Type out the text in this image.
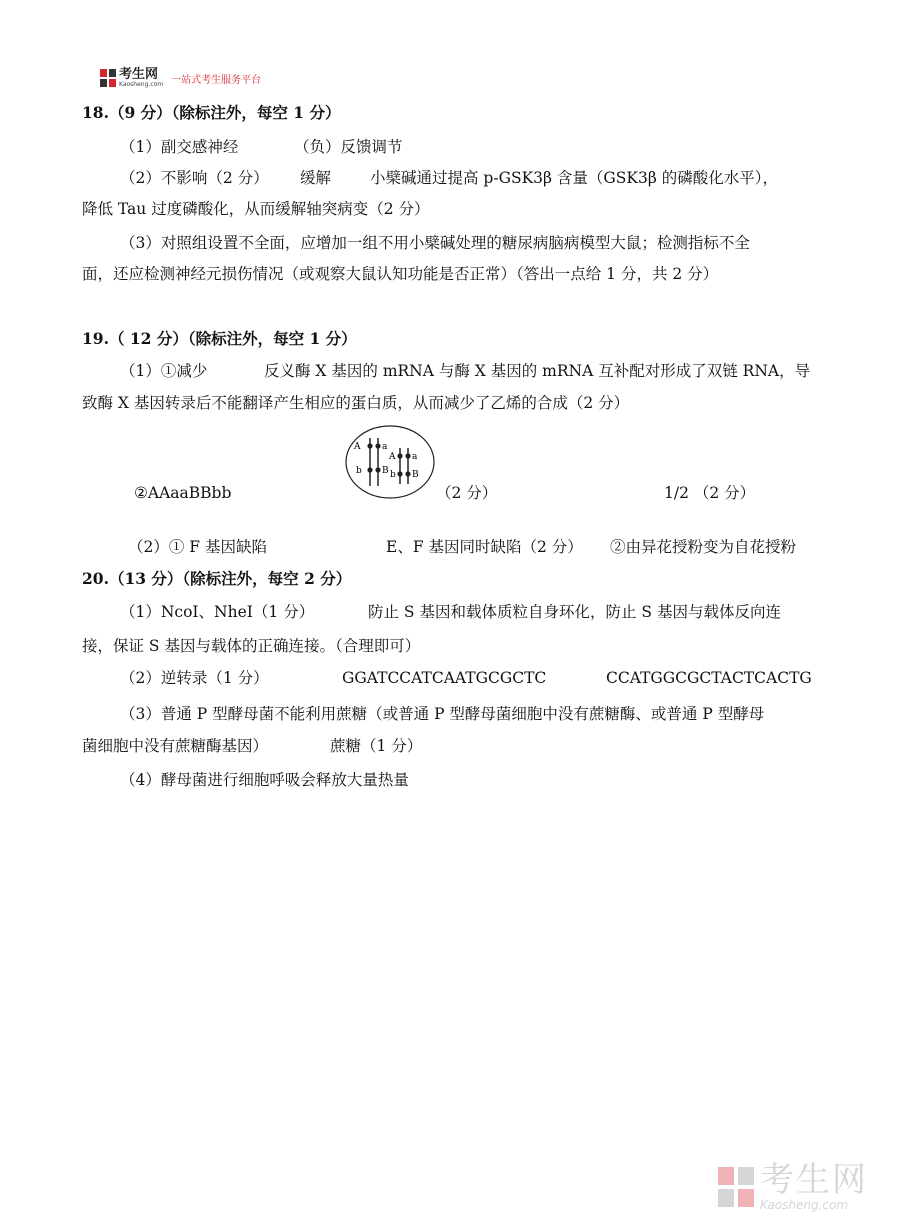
考生网
Kaosheng.com 一站式考生服务平台
18.（9 分）（除标注外，每空 1 分）
（1）副交感神经	（负）反馈调节
（2）不影响（2 分） 缓解	小檗碱通过提高 p-GSK3β 含量（GSK3β 的磷酸化水平），
降低 Tau 过度磷酸化，从而缓解轴突病变（2 分）
（3）对照组设置不全面，应增加一组不用小檗碱处理的糖尿病脑病模型大鼠；检测指标不全
面，还应检测神经元损伤情况（或观察大鼠认知功能是否正常）（答出一点给 1 分，共 2 分）
19.（ 12 分）（除标注外，每空 1 分）
（1）①减少	反义酶 X 基因的 mRNA 与酶 X 基因的 mRNA 互补配对形成了双链 RNA，导
致酶 X 基因转录后不能翻译产生相应的蛋白质，从而减少了乙烯的合成（2 分）
A a
b B
A a
b B
②AAaaBBbb	（2 分）	1/2 （2 分）
（2）① F 基因缺陷	E、F 基因同时缺陷（2 分） ②由异花授粉变为自花授粉
20.（13 分）（除标注外，每空 2 分）
（1）NcoI、NheI（1 分）	防止 S 基因和载体质粒自身环化，防止 S 基因与载体反向连
接，保证 S 基因与载体的正确连接。（合理即可）
（2）逆转录（1 分）	GGATCCATCAATGCGCTC	CCATGGCGCTACTCACTG
（3）普通 P 型酵母菌不能利用蔗糖（或普通 P 型酵母菌细胞中没有蔗糖酶、或普通 P 型酵母
菌细胞中没有蔗糖酶基因）	蔗糖（1 分）
（4）酵母菌进行细胞呼吸会释放大量热量
考生网
Kaosheng.com
